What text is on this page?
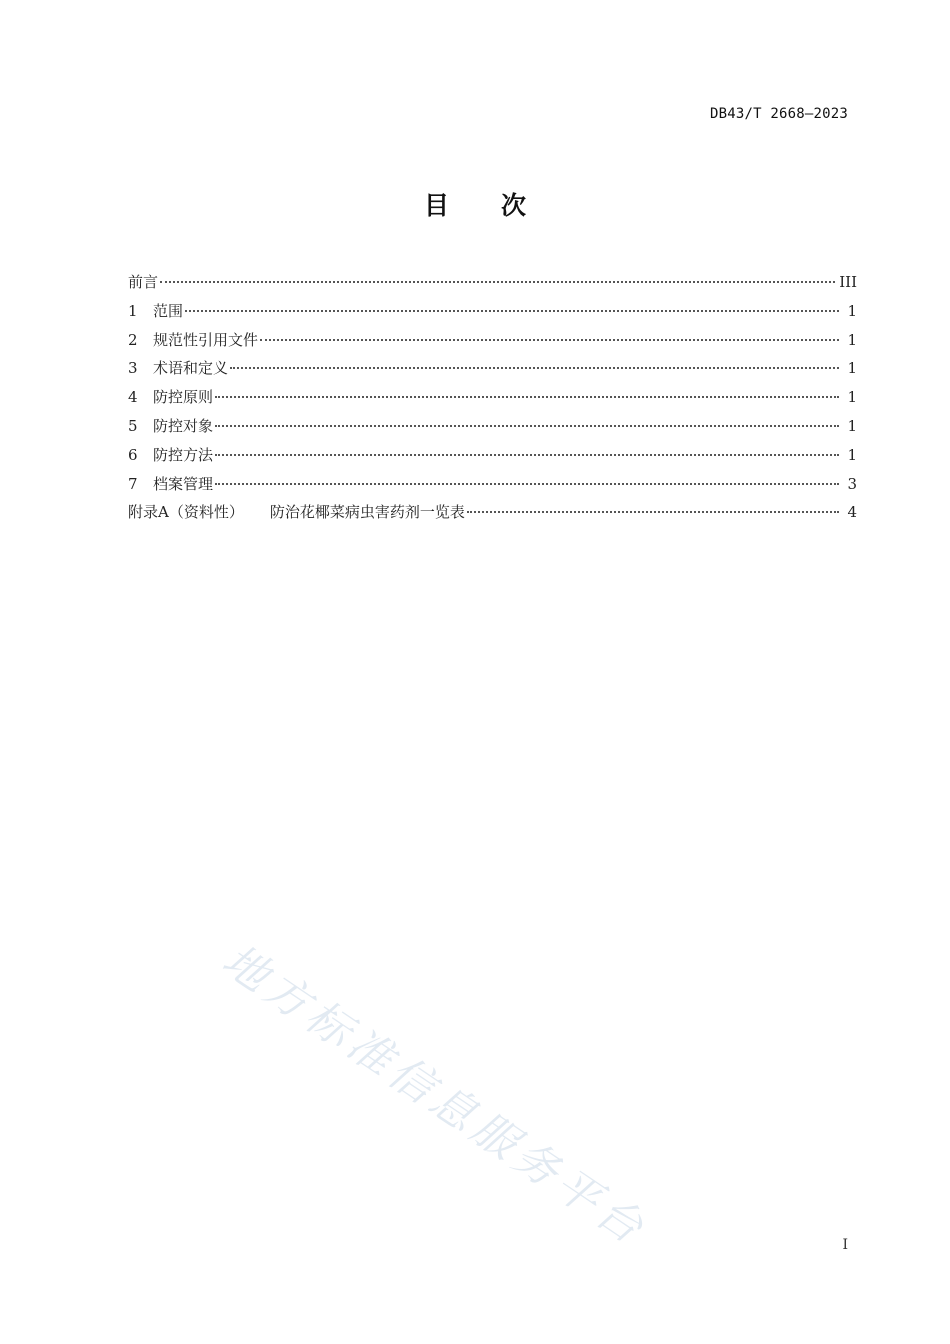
DB43/T 2668—2023
目 次
前言	III
1	范围	1
2	规范性引用文件	1
3	术语和定义	1
4	防控原则	1
5	防控对象	1
6	防控方法	1
7	档案管理	3
附录A（资料性） 防治花椰菜病虫害药剂一览表	4
地方标准信息服务平台	I
